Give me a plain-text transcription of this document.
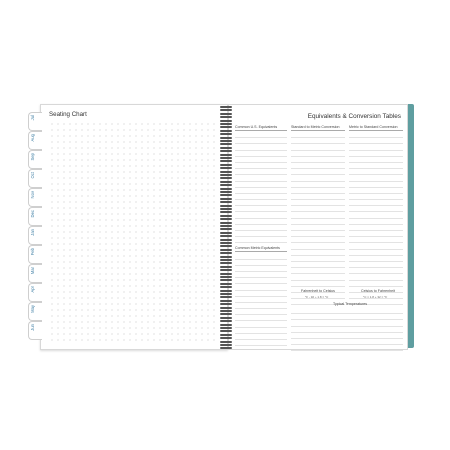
Seating Chart
Jul
Aug
Sep
Oct
Nov
Dec
Jan
Feb
Mar
Apr
May
Jun
Equivalents & Conversion Tables
Common U.S. Equivalents
Common Metric Equivalents
Standard to Metric Conversion	Metric to Standard Conversion
Fahrenheit to Celsius
°F - 32 ÷ 1.8 = °C
Celsius to Fahrenheit
°C × 1.8 + 32 = °F
Typical Temperatures
